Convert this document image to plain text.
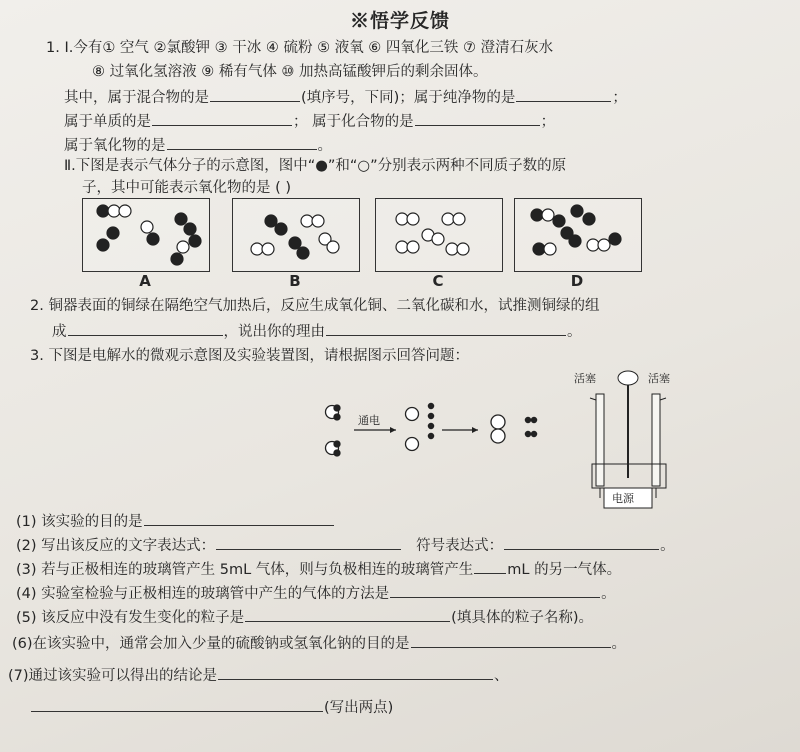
※悟学反馈
1. Ⅰ.今有① 空气 ②氯酸钾 ③ 干冰 ④ 硫粉 ⑤ 液氧 ⑥ 四氧化三铁 ⑦ 澄清石灰水
⑧ 过氧化氢溶液 ⑨ 稀有气体 ⑩ 加热高锰酸钾后的剩余固体。
其中，属于混合物的是	(填序号，下同)；属于纯净物的是	；
属于单质的是	； 属于化合物的是	；
属于氧化物的是	。
Ⅱ.下图是表示气体分子的示意图，图中“●”和“○”分别表示两种不同质子数的原
子，其中可能表示氧化物的是 ( )
A	B	C	D
2. 铜器表面的铜绿在隔绝空气加热后，反应生成氧化铜、二氧化碳和水，试推测铜绿的组
成	，说出你的理由	。
3. 下图是电解水的微观示意图及实验装置图，请根据图示回答问题：
通电
活塞	活塞
电源
(1) 该实验的目的是
(2) 写出该反应的文字表达式：	符号表达式：	。
(3) 若与正极相连的玻璃管产生 5mL 气体，则与负极相连的玻璃管产生 mL 的另一气体。
(4) 实验室检验与正极相连的玻璃管中产生的气体的方法是	。
(5) 该反应中没有发生变化的粒子是	(填具体的粒子名称)。
(6)在该实验中，通常会加入少量的硫酸钠或氢氧化钠的目的是	。
(7)通过该实验可以得出的结论是	、
(写出两点)
